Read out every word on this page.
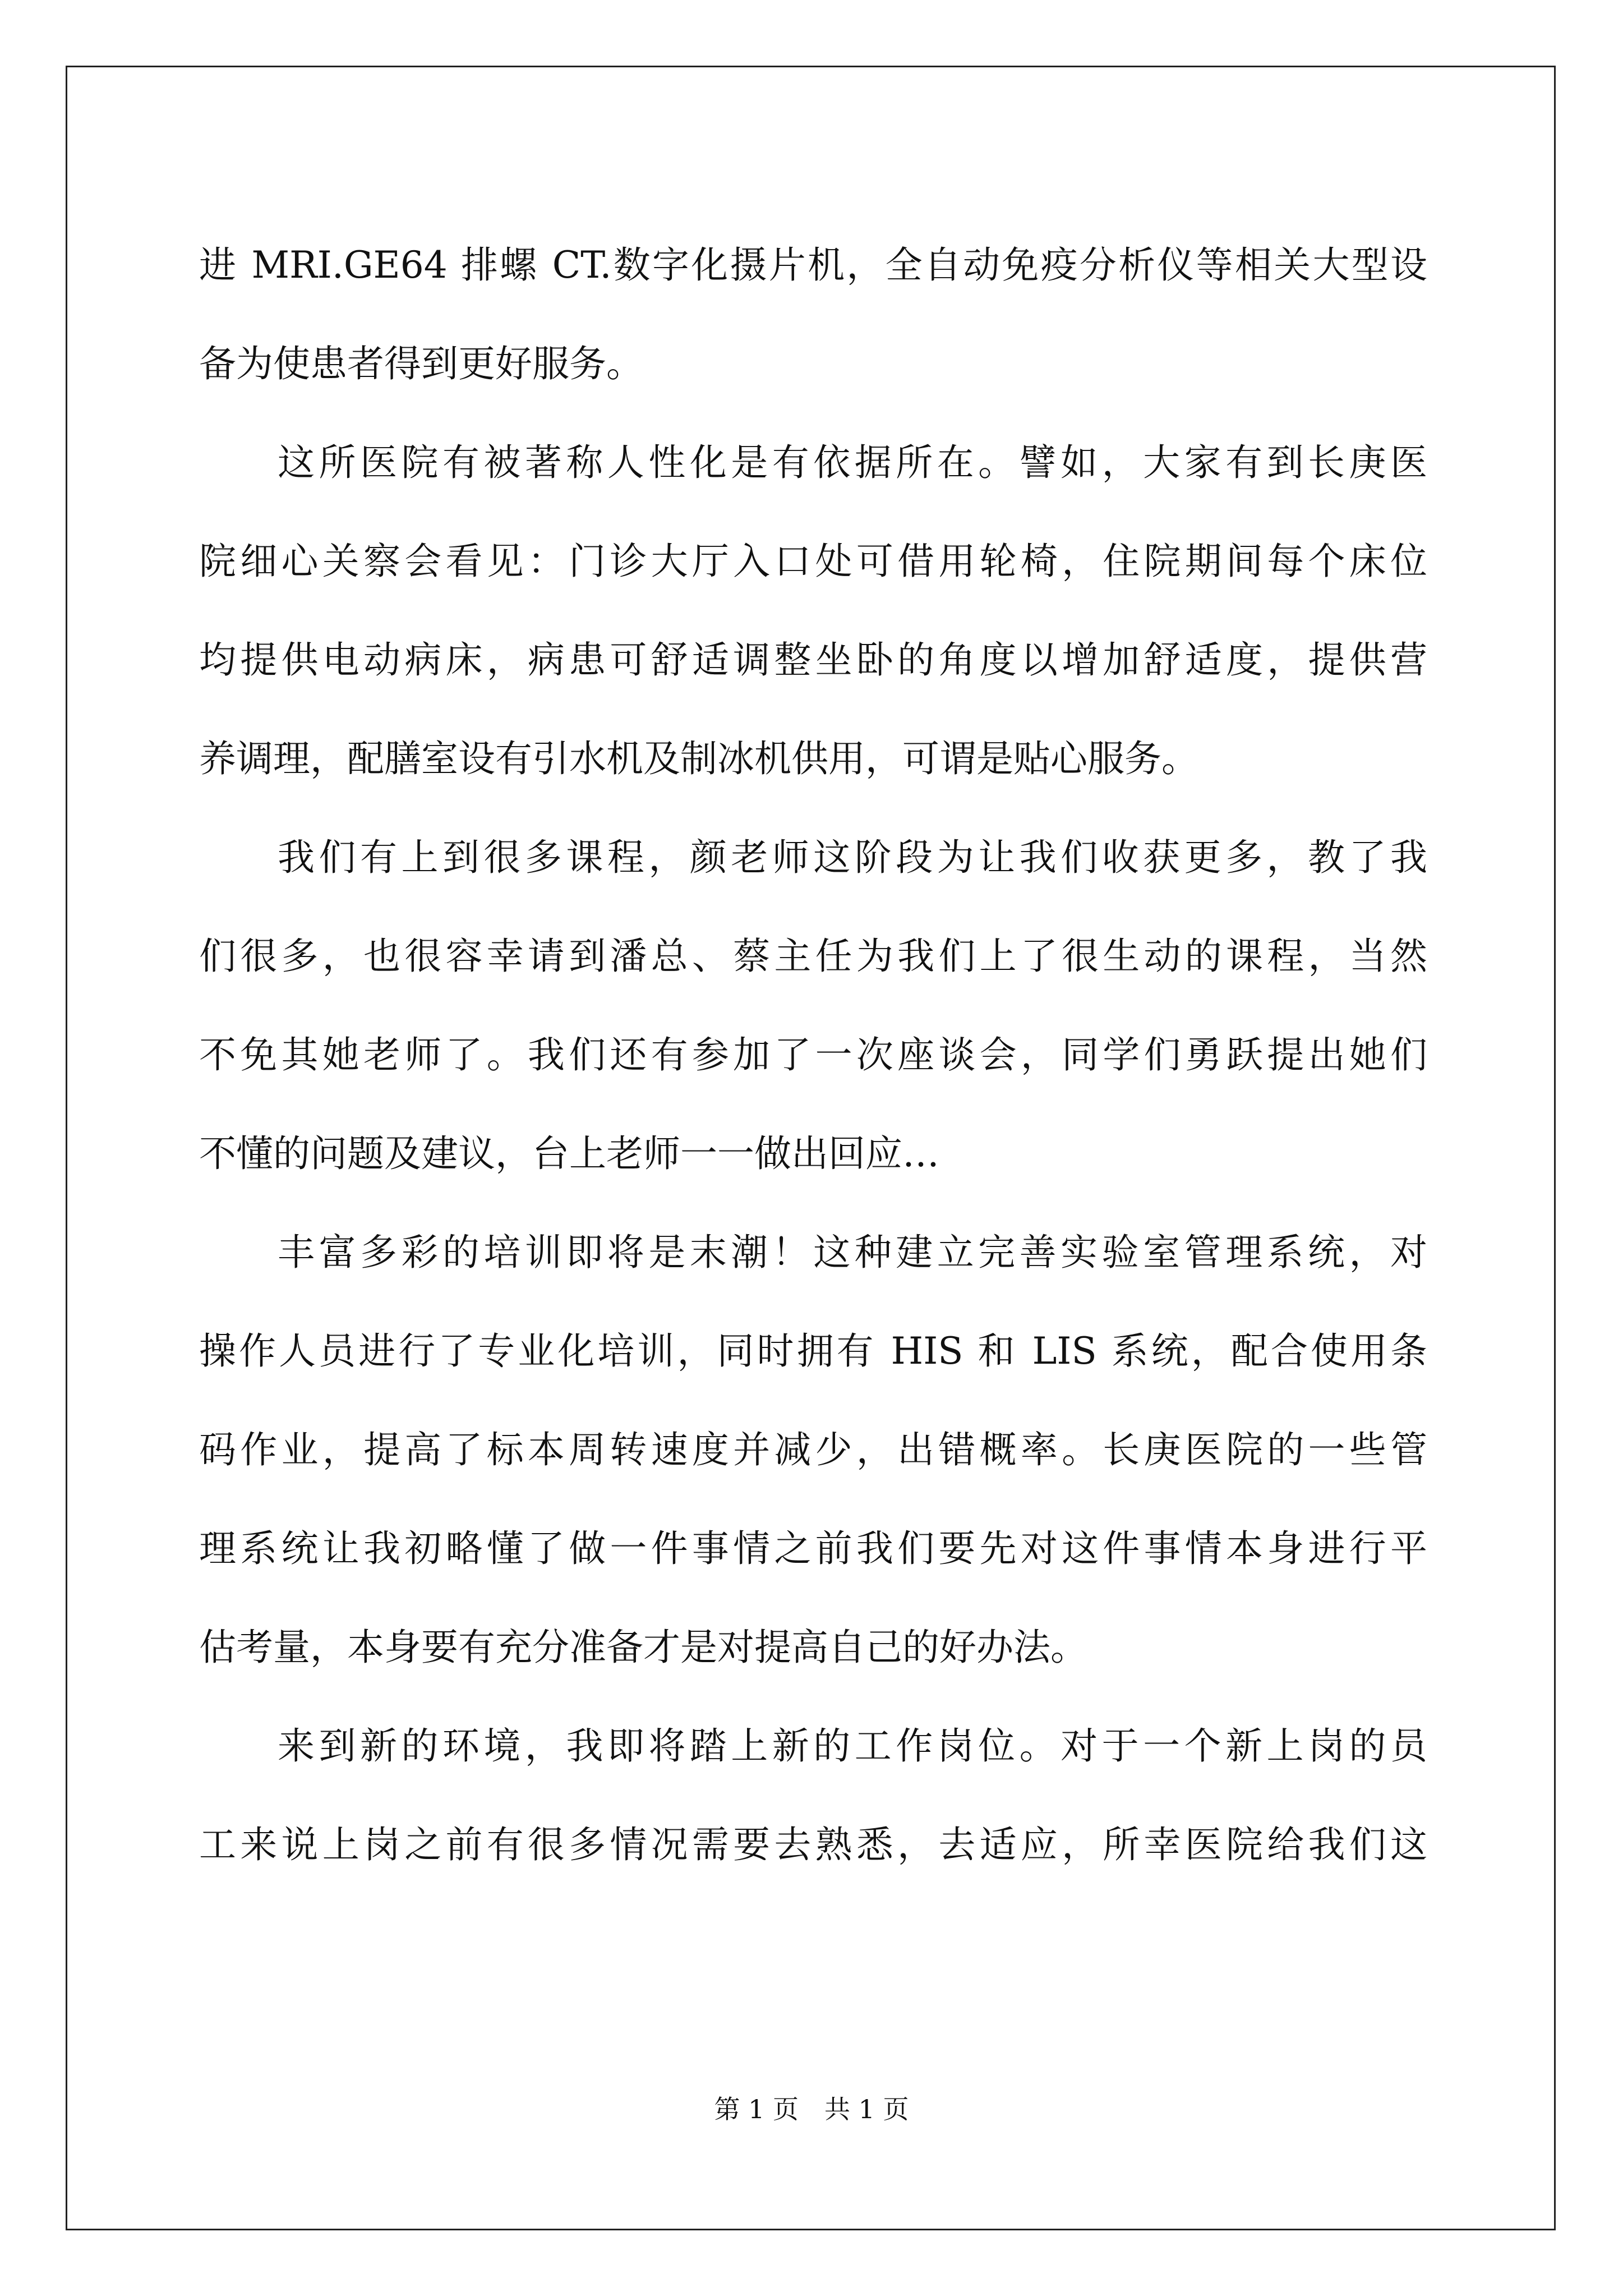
进 MRI.GE64 排螺 CT.数字化摄片机，全自动免疫分析仪等相关大型设
备为使患者得到更好服务。
这所医院有被著称人性化是有依据所在。譬如，大家有到长庚医
院细心关察会看见：门诊大厅入口处可借用轮椅，住院期间每个床位
均提供电动病床，病患可舒适调整坐卧的角度以增加舒适度，提供营
养调理，配膳室设有引水机及制冰机供用，可谓是贴心服务。
我们有上到很多课程，颜老师这阶段为让我们收获更多，教了我
们很多，也很容幸请到潘总、蔡主任为我们上了很生动的课程，当然
不免其她老师了。我们还有参加了一次座谈会，同学们勇跃提出她们
不懂的问题及建议，台上老师一一做出回应…
丰富多彩的培训即将是末潮！这种建立完善实验室管理系统，对
操作人员进行了专业化培训，同时拥有 HIS 和 LIS 系统，配合使用条
码作业，提高了标本周转速度并减少，出错概率。长庚医院的一些管
理系统让我初略懂了做一件事情之前我们要先对这件事情本身进行平
估考量，本身要有充分准备才是对提高自己的好办法。
来到新的环境，我即将踏上新的工作岗位。对于一个新上岗的员
工来说上岗之前有很多情况需要去熟悉，去适应，所幸医院给我们这
第 1 页　共 1 页
